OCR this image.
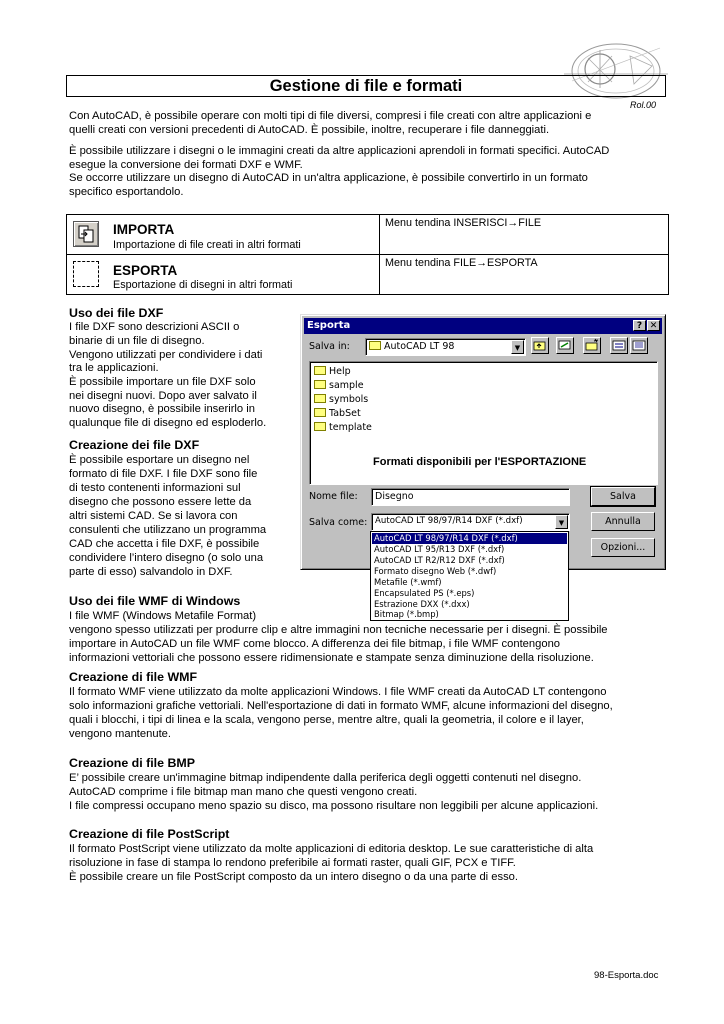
Gestione di file e formati
Rol.00
Con AutoCAD, è possibile operare con molti tipi di file diversi, compresi i file creati con altre applicazioni e
quelli creati con versioni precedenti di AutoCAD. È possibile, inoltre, recuperare i file danneggiati.
È possibile utilizzare i disegni o le immagini creati da altre applicazioni aprendoli in formati specifici. AutoCAD
esegue la conversione dei formati DXF e WMF.
Se occorre utilizzare un disegno di AutoCAD in un'altra applicazione, è possibile convertirlo in un formato
specifico esportandolo.
IMPORTA
Importazione di file creati in altri formati
Menu tendina INSERISCI→FILE
ESPORTA
Esportazione di disegni in altri formati
Menu tendina FILE→ESPORTA
Uso dei file DXF
I file DXF sono descrizioni ASCII o
binarie di un file di disegno.
Vengono utilizzati per condividere i dati
tra le applicazioni.
È possibile importare un file DXF solo
nei disegni nuovi. Dopo aver salvato il
nuovo disegno, è possibile inserirlo in
qualunque file di disegno ed esploderlo.
Creazione dei file DXF
È possibile esportare un disegno nel
formato di file DXF. I file DXF sono file
di testo contenenti informazioni sul
disegno che possono essere lette da
altri sistemi CAD. Se si lavora con
consulenti che utilizzano un programma
CAD che accetta i file DXF, è possibile
condividere l’intero disegno (o solo una
parte di esso) salvandolo in DXF.
Esporta	? ✕
Salva in:	AutoCAD LT 98	▼
Help
sample
symbols
TabSet
template
Formati disponibili per l'ESPORTAZIONE
Nome file: Disegno	Salva
Salva come: AutoCAD LT 98/97/R14 DXF (*.dxf)	▼	Annulla
Opzioni...
AutoCAD LT 98/97/R14 DXF (*.dxf)
AutoCAD LT 95/R13 DXF (*.dxf)
AutoCAD LT R2/R12 DXF (*.dxf)
Formato disegno Web (*.dwf)
Metafile (*.wmf)
Encapsulated PS (*.eps)
Estrazione DXX (*.dxx)
Bitmap (*.bmp)
Uso dei file WMF di Windows
I file WMF (Windows Metafile Format)
vengono spesso utilizzati per produrre clip e altre immagini non tecniche necessarie per i disegni. È possibile
importare in AutoCAD un file WMF come blocco. A differenza dei file bitmap, i file WMF contengono
informazioni vettoriali che possono essere ridimensionate e stampate senza diminuzione della risoluzione.
Creazione di file WMF
Il formato WMF viene utilizzato da molte applicazioni Windows. I file WMF creati da AutoCAD LT contengono
solo informazioni grafiche vettoriali. Nell'esportazione di dati in formato WMF, alcune informazioni del disegno,
quali i blocchi, i tipi di linea e la scala, vengono perse, mentre altre, quali la geometria, il colore e il layer,
vengono mantenute.
Creazione di file BMP
E’ possibile creare un'immagine bitmap indipendente dalla periferica degli oggetti contenuti nel disegno.
AutoCAD comprime i file bitmap man mano che questi vengono creati.
I file compressi occupano meno spazio su disco, ma possono risultare non leggibili per alcune applicazioni.
Creazione di file PostScript
Il formato PostScript viene utilizzato da molte applicazioni di editoria desktop. Le sue caratteristiche di alta
risoluzione in fase di stampa lo rendono preferibile ai formati raster, quali GIF, PCX e TIFF.
È possibile creare un file PostScript composto da un intero disegno o da una parte di esso.
98-Esporta.doc
